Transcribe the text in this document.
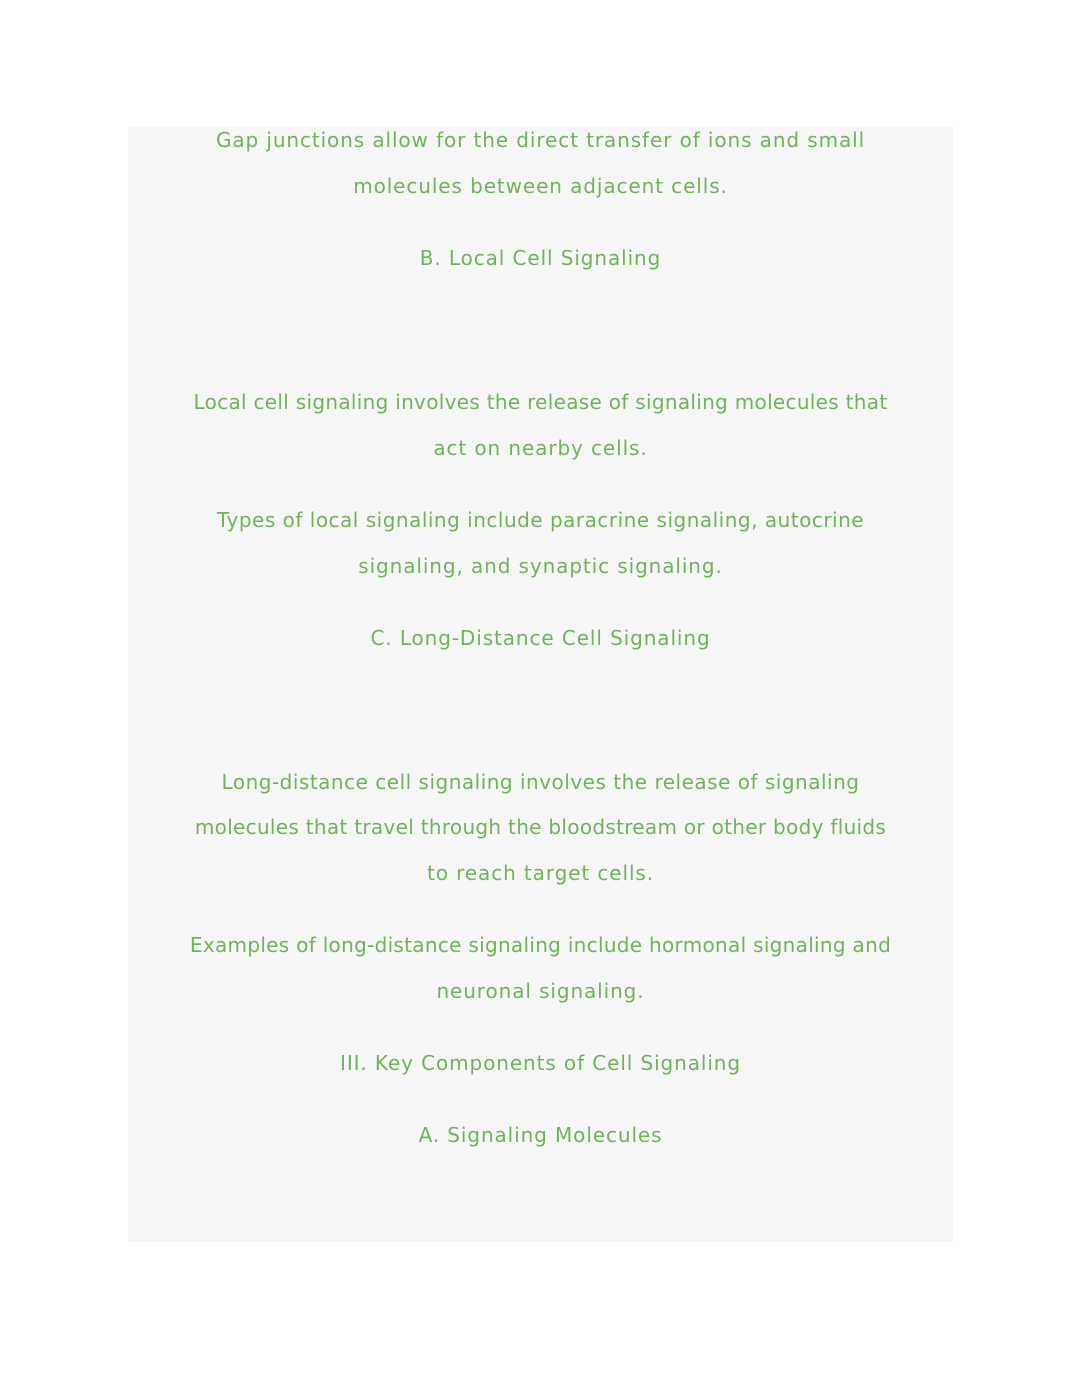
Gap junctions allow for the direct transfer of ions and small
molecules between adjacent cells.
B. Local Cell Signaling
Local cell signaling involves the release of signaling molecules that
act on nearby cells.
Types of local signaling include paracrine signaling, autocrine
signaling, and synaptic signaling.
C. Long-Distance Cell Signaling
Long-distance cell signaling involves the release of signaling
molecules that travel through the bloodstream or other body fluids
to reach target cells.
Examples of long-distance signaling include hormonal signaling and
neuronal signaling.
III. Key Components of Cell Signaling
A. Signaling Molecules
